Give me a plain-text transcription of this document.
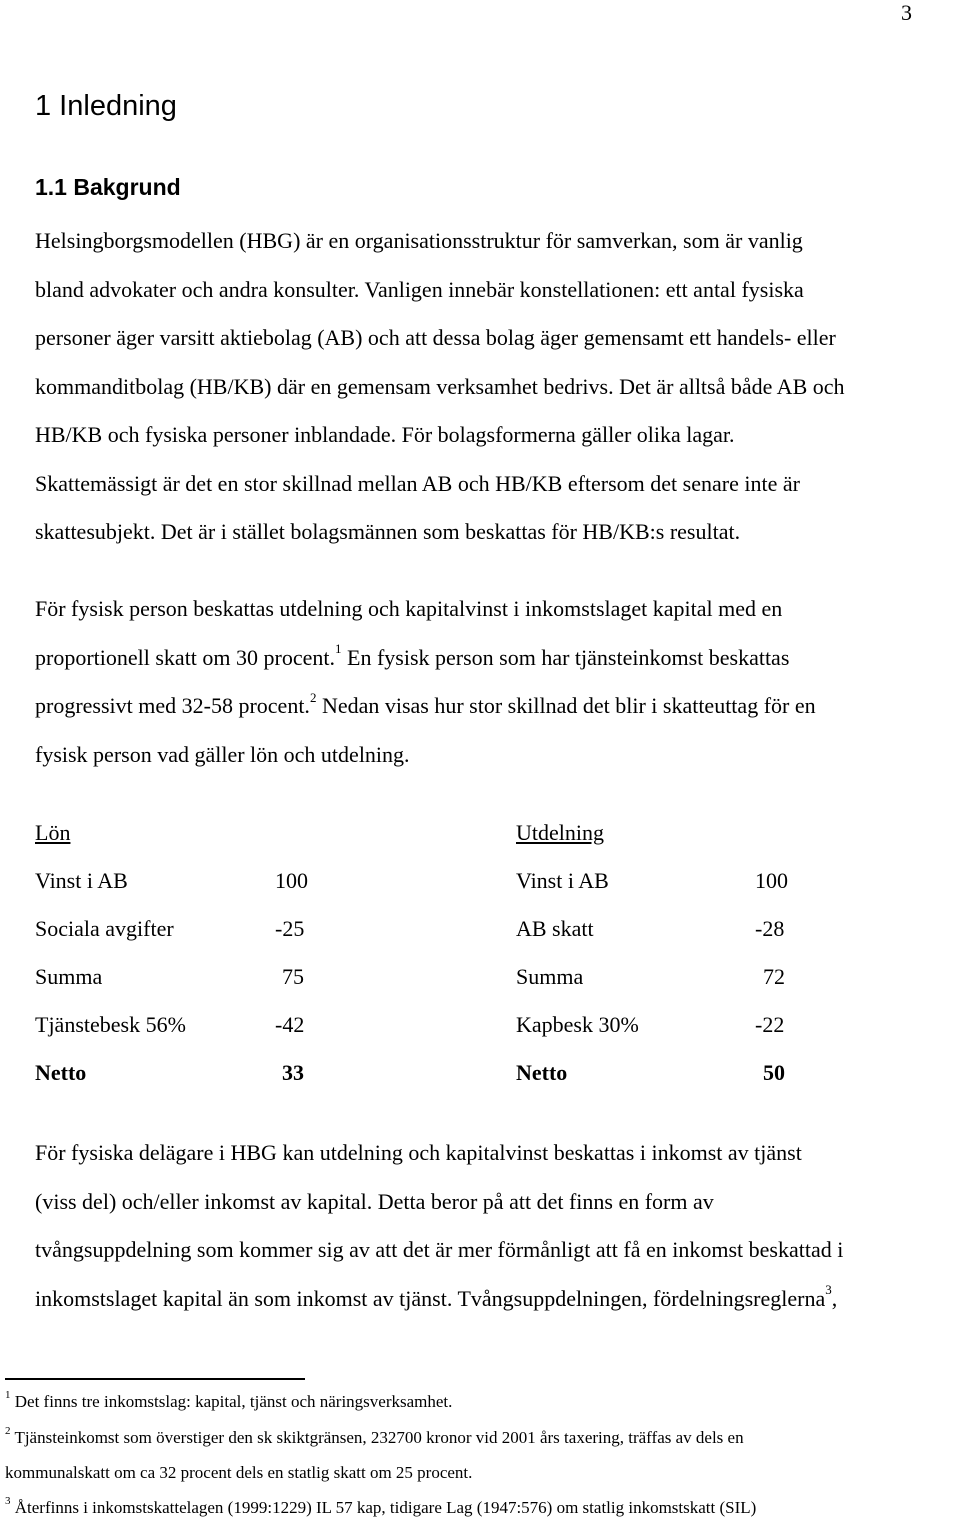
3
1 Inledning
1.1 Bakgrund
Helsingborgsmodellen (HBG) är en organisationsstruktur för samverkan, som är vanlig
bland advokater och andra konsulter. Vanligen innebär konstellationen: ett antal fysiska
personer äger varsitt aktiebolag (AB) och att dessa bolag äger gemensamt ett handels- eller
kommanditbolag (HB/KB) där en gemensam verksamhet bedrivs. Det är alltså både AB och
HB/KB och fysiska personer inblandade. För bolagsformerna gäller olika lagar.
Skattemässigt är det en stor skillnad mellan AB och HB/KB eftersom det senare inte är
skattesubjekt. Det är i stället bolagsmännen som beskattas för HB/KB:s resultat.
För fysisk person beskattas utdelning och kapitalvinst i inkomstslaget kapital med en
proportionell skatt om 30 procent.$^1$ En fysisk person som har tjänsteinkomst beskattas
progressivt med 32-58 procent.$^2$ Nedan visas hur stor skillnad det blir i skatteuttag för en
fysisk person vad gäller lön och utdelning.
Lön
Vinst i AB	100
Sociala avgifter	-25
Summa	75
Tjänstebesk 56%	-42
Netto	33
Utdelning
Vinst i AB	100
AB skatt	-28
Summa	72
Kapbesk 30%	-22
Netto	50
För fysiska delägare i HBG kan utdelning och kapitalvinst beskattas i inkomst av tjänst
(viss del) och/eller inkomst av kapital. Detta beror på att det finns en form av
tvångsuppdelning som kommer sig av att det är mer förmånligt att få en inkomst beskattad i
inkomstslaget kapital än som inkomst av tjänst. Tvångsuppdelningen, fördelningsreglerna$^3$,
$^1$ Det finns tre inkomstslag: kapital, tjänst och näringsverksamhet.
$^2$ Tjänsteinkomst som överstiger den sk skiktgränsen, 232700 kronor vid 2001 års taxering, träffas av dels en
kommunalskatt om ca 32 procent dels en statlig skatt om 25 procent.
$^3$ Återfinns i inkomstskattelagen (1999:1229) IL 57 kap, tidigare Lag (1947:576) om statlig inkomstskatt (SIL)
